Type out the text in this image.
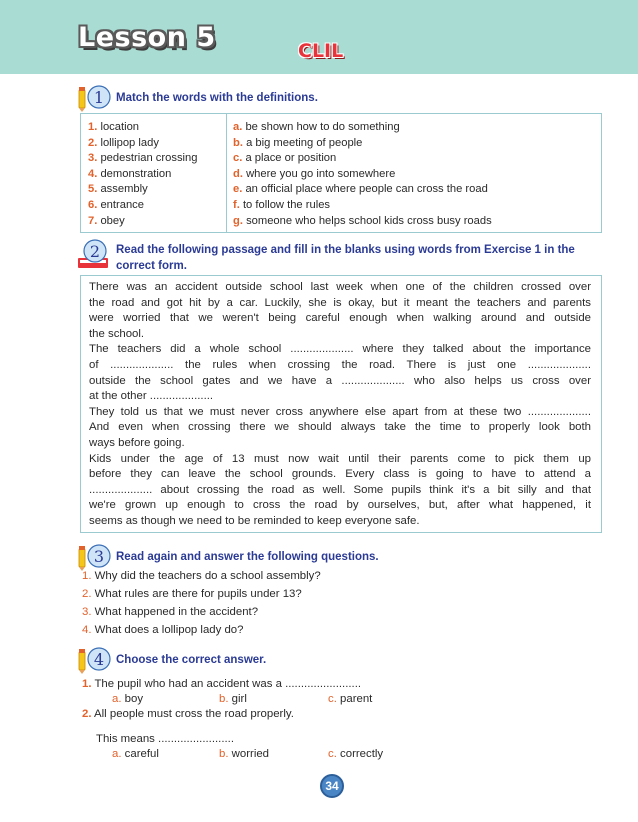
Lesson 5	CLIL
1 Match the words with the definitions.
1. location
2. lollipop lady
3. pedestrian crossing
4. demonstration
5. assembly
6. entrance
7. obey
a. be shown how to do something
b. a big meeting of people
c. a place or position
d. where you go into somewhere
e. an official place where people can cross the road
f. to follow the rules
g. someone who helps school kids cross busy roads
2 Read the following passage and fill in the blanks using words from Exercise 1 in the
correct form.
There was an accident outside school last week when one of the children crossed over
the road and got hit by a car. Luckily, she is okay, but it meant the teachers and parents
were worried that we weren't being careful enough when walking around and outside
the school.
The teachers did a whole school .................... where they talked about the importance
of .................... the rules when crossing the road. There is just one ....................
outside the school gates and we have a .................... who also helps us cross over
at the other ....................
They told us that we must never cross anywhere else apart from at these two ....................
And even when crossing there we should always take the time to properly look both
ways before going.
Kids under the age of 13 must now wait until their parents come to pick them up
before they can leave the school grounds. Every class is going to have to attend a
.................... about crossing the road as well. Some pupils think it's a bit silly and that
we're grown up enough to cross the road by ourselves, but, after what happened, it
seems as though we need to be reminded to keep everyone safe.
3 Read again and answer the following questions.
1. Why did the teachers do a school assembly?
2. What rules are there for pupils under 13?
3. What happened in the accident?
4. What does a lollipop lady do?
4 Choose the correct answer.
1. The pupil who had an accident was a ........................
a. boy	b. girl	c. parent
2. All people must cross the road properly.
This means ........................
a. careful	b. worried	c. correctly
34
